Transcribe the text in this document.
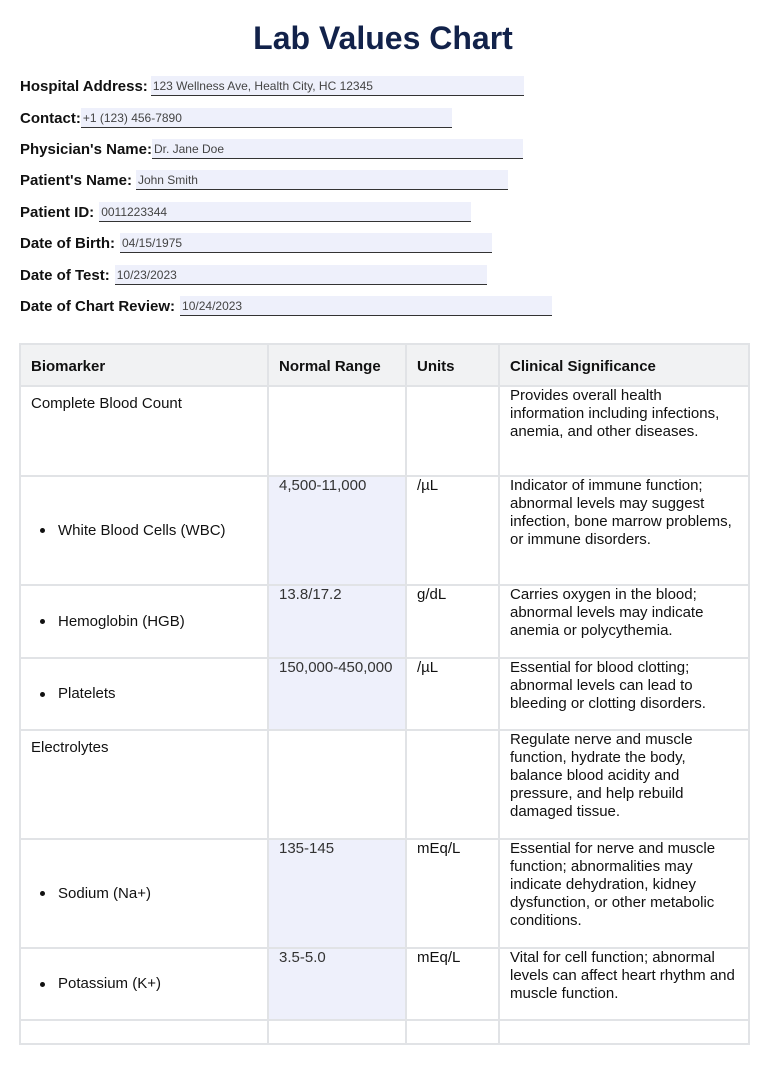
Lab Values Chart
Hospital Address: 123 Wellness Ave, Health City, HC 12345
Contact: +1 (123) 456-7890
Physician's Name: Dr. Jane Doe
Patient's Name: John Smith
Patient ID: 0011223344
Date of Birth: 04/15/1975
Date of Test: 10/23/2023
Date of Chart Review: 10/24/2023
Biomarker	Normal Range	Units	Clinical Significance
Complete Blood Count			Provides overall health information including infections, anemia, and other diseases.

White Blood Cells (WBC)	4,500-11,000	/µL	Indicator of immune function; abnormal levels may suggest infection, bone marrow problems, or immune disorders.

Hemoglobin (HGB)	13.8/17.2	g/dL	Carries oxygen in the blood; abnormal levels may indicate anemia or polycythemia.

Platelets	150,000-450,000	/µL	Essential for blood clotting; abnormal levels can lead to bleeding or clotting disorders.
Electrolytes			Regulate nerve and muscle function, hydrate the body, balance blood acidity and pressure, and help rebuild damaged tissue.

Sodium (Na+)	135-145	mEq/L	Essential for nerve and muscle function; abnormalities may indicate dehydration, kidney dysfunction, or other metabolic conditions.

Potassium (K+)	3.5-5.0	mEq/L	Vital for cell function; abnormal levels can affect heart rhythm and muscle function.
